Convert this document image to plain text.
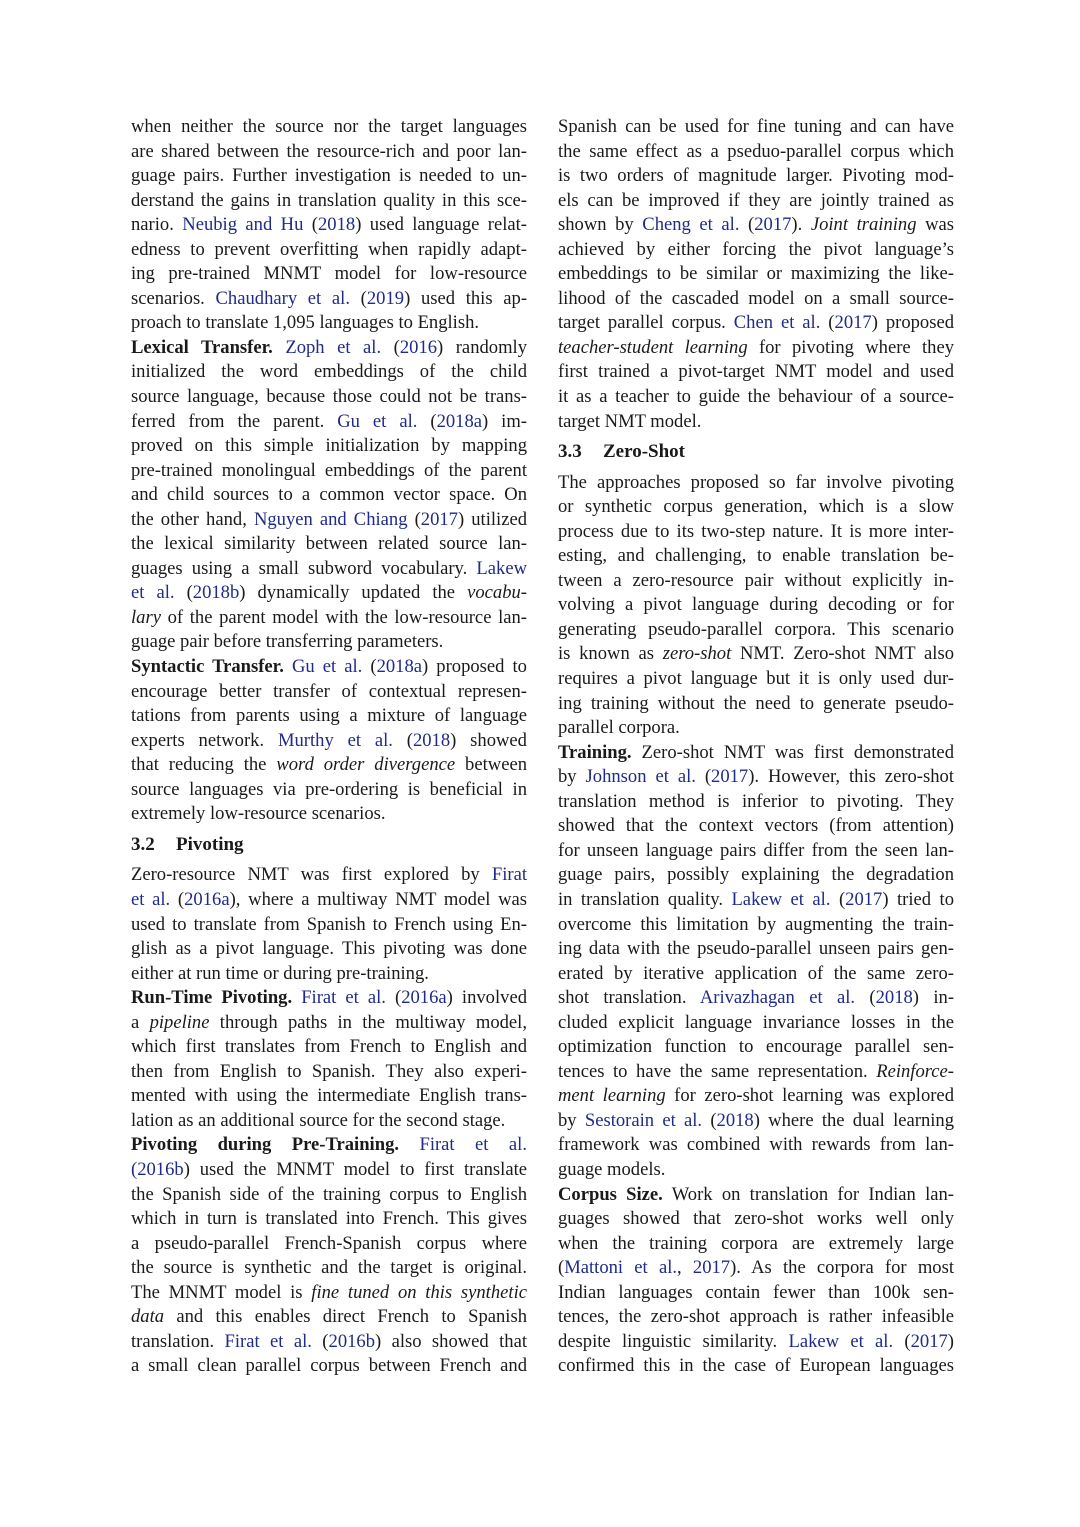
when neither the source nor the target languages
are shared between the resource-rich and poor lan-
guage pairs. Further investigation is needed to un-
derstand the gains in translation quality in this sce-
nario. Neubig and Hu (2018) used language relat-
edness to prevent overfitting when rapidly adapt-
ing pre-trained MNMT model for low-resource
scenarios. Chaudhary et al. (2019) used this ap-
proach to translate 1,095 languages to English.
Lexical Transfer. Zoph et al. (2016) randomly
initialized the word embeddings of the child
source language, because those could not be trans-
ferred from the parent. Gu et al. (2018a) im-
proved on this simple initialization by mapping
pre-trained monolingual embeddings of the parent
and child sources to a common vector space. On
the other hand, Nguyen and Chiang (2017) utilized
the lexical similarity between related source lan-
guages using a small subword vocabulary. Lakew
et al. (2018b) dynamically updated the vocabu-
lary of the parent model with the low-resource lan-
guage pair before transferring parameters.
Syntactic Transfer. Gu et al. (2018a) proposed to
encourage better transfer of contextual represen-
tations from parents using a mixture of language
experts network. Murthy et al. (2018) showed
that reducing the word order divergence between
source languages via pre-ordering is beneficial in
extremely low-resource scenarios.
3.2 Pivoting
Zero-resource NMT was first explored by Firat
et al. (2016a), where a multiway NMT model was
used to translate from Spanish to French using En-
glish as a pivot language. This pivoting was done
either at run time or during pre-training.
Run-Time Pivoting. Firat et al. (2016a) involved
a pipeline through paths in the multiway model,
which first translates from French to English and
then from English to Spanish. They also experi-
mented with using the intermediate English trans-
lation as an additional source for the second stage.
Pivoting during Pre-Training. Firat et al.
(2016b) used the MNMT model to first translate
the Spanish side of the training corpus to English
which in turn is translated into French. This gives
a pseudo-parallel French-Spanish corpus where
the source is synthetic and the target is original.
The MNMT model is fine tuned on this synthetic
data and this enables direct French to Spanish
translation. Firat et al. (2016b) also showed that
a small clean parallel corpus between French and
Spanish can be used for fine tuning and can have
the same effect as a pseduo-parallel corpus which
is two orders of magnitude larger. Pivoting mod-
els can be improved if they are jointly trained as
shown by Cheng et al. (2017). Joint training was
achieved by either forcing the pivot language’s
embeddings to be similar or maximizing the like-
lihood of the cascaded model on a small source-
target parallel corpus. Chen et al. (2017) proposed
teacher-student learning for pivoting where they
first trained a pivot-target NMT model and used
it as a teacher to guide the behaviour of a source-
target NMT model.
3.3 Zero-Shot
The approaches proposed so far involve pivoting
or synthetic corpus generation, which is a slow
process due to its two-step nature. It is more inter-
esting, and challenging, to enable translation be-
tween a zero-resource pair without explicitly in-
volving a pivot language during decoding or for
generating pseudo-parallel corpora. This scenario
is known as zero-shot NMT. Zero-shot NMT also
requires a pivot language but it is only used dur-
ing training without the need to generate pseudo-
parallel corpora.
Training. Zero-shot NMT was first demonstrated
by Johnson et al. (2017). However, this zero-shot
translation method is inferior to pivoting. They
showed that the context vectors (from attention)
for unseen language pairs differ from the seen lan-
guage pairs, possibly explaining the degradation
in translation quality. Lakew et al. (2017) tried to
overcome this limitation by augmenting the train-
ing data with the pseudo-parallel unseen pairs gen-
erated by iterative application of the same zero-
shot translation. Arivazhagan et al. (2018) in-
cluded explicit language invariance losses in the
optimization function to encourage parallel sen-
tences to have the same representation. Reinforce-
ment learning for zero-shot learning was explored
by Sestorain et al. (2018) where the dual learning
framework was combined with rewards from lan-
guage models.
Corpus Size. Work on translation for Indian lan-
guages showed that zero-shot works well only
when the training corpora are extremely large
(Mattoni et al., 2017). As the corpora for most
Indian languages contain fewer than 100k sen-
tences, the zero-shot approach is rather infeasible
despite linguistic similarity. Lakew et al. (2017)
confirmed this in the case of European languages
